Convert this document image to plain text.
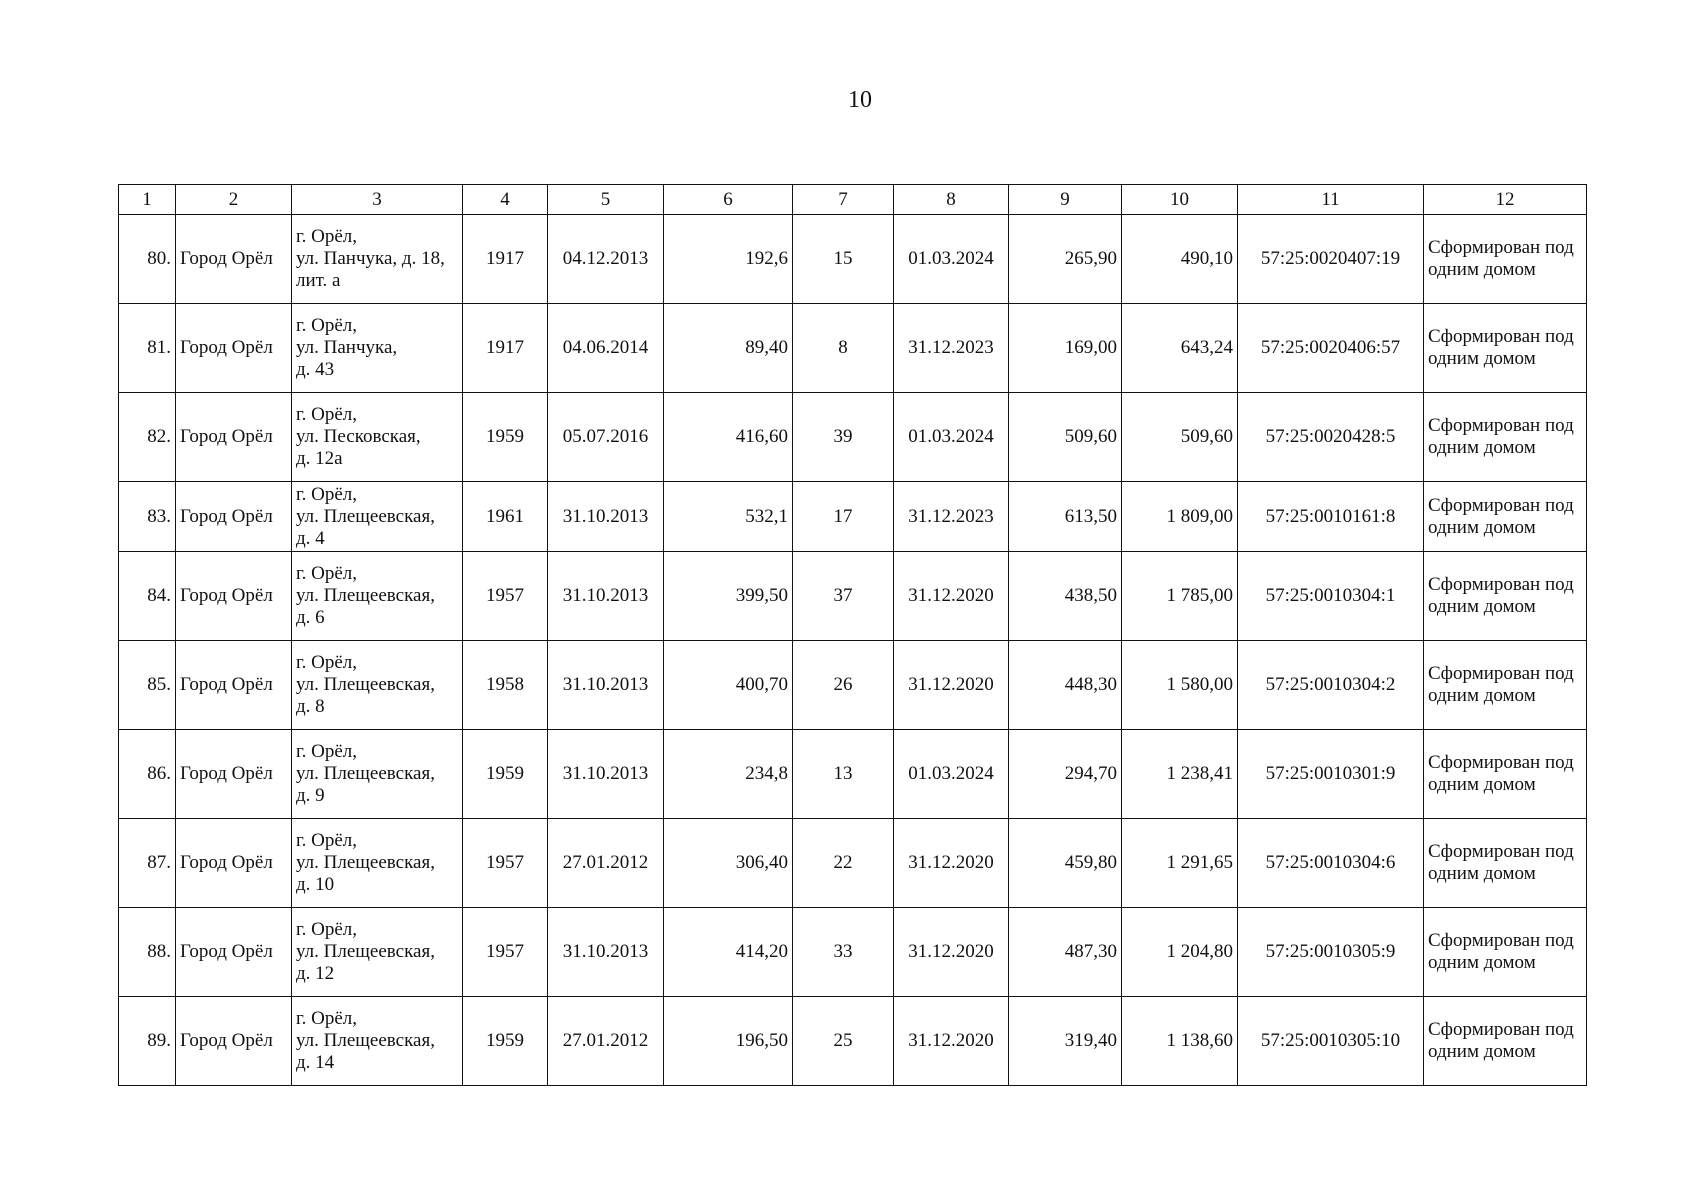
10
1	2	3	4	5	6	7	8	9	10	11	12
80.	Город Орёл	г. Орёл,
ул. Панчука, д. 18,
лит. а	1917	04.12.2013	192,6	15	01.03.2024	265,90	490,10	57:25:0020407:19	Сформирован под одним домом
81.	Город Орёл	г. Орёл,
ул. Панчука,
д. 43	1917	04.06.2014	89,40	8	31.12.2023	169,00	643,24	57:25:0020406:57	Сформирован под одним домом
82.	Город Орёл	г. Орёл,
ул. Песковская,
д. 12а	1959	05.07.2016	416,60	39	01.03.2024	509,60	509,60	57:25:0020428:5	Сформирован под одним домом
83.	Город Орёл	г. Орёл,
ул. Плещеевская,
д. 4	1961	31.10.2013	532,1	17	31.12.2023	613,50	1 809,00	57:25:0010161:8	Сформирован под одним домом
84.	Город Орёл	г. Орёл,
ул. Плещеевская,
д. 6	1957	31.10.2013	399,50	37	31.12.2020	438,50	1 785,00	57:25:0010304:1	Сформирован под одним домом
85.	Город Орёл	г. Орёл,
ул. Плещеевская,
д. 8	1958	31.10.2013	400,70	26	31.12.2020	448,30	1 580,00	57:25:0010304:2	Сформирован под одним домом
86.	Город Орёл	г. Орёл,
ул. Плещеевская,
д. 9	1959	31.10.2013	234,8	13	01.03.2024	294,70	1 238,41	57:25:0010301:9	Сформирован под одним домом
87.	Город Орёл	г. Орёл,
ул. Плещеевская,
д. 10	1957	27.01.2012	306,40	22	31.12.2020	459,80	1 291,65	57:25:0010304:6	Сформирован под одним домом
88.	Город Орёл	г. Орёл,
ул. Плещеевская,
д. 12	1957	31.10.2013	414,20	33	31.12.2020	487,30	1 204,80	57:25:0010305:9	Сформирован под одним домом
89.	Город Орёл	г. Орёл,
ул. Плещеевская,
д. 14	1959	27.01.2012	196,50	25	31.12.2020	319,40	1 138,60	57:25:0010305:10	Сформирован под одним домом
